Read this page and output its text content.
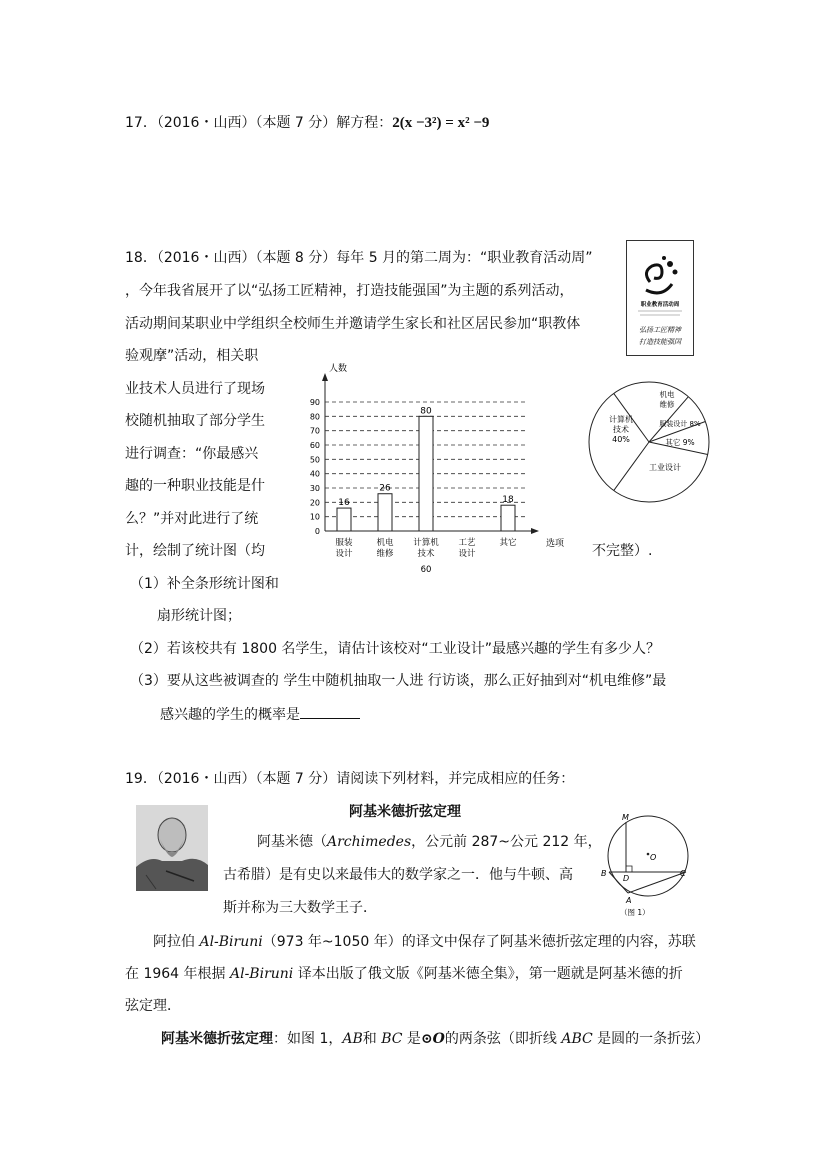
17．（2016・山西）（本题 7 分）解方程：2(x −3²) = x² −9
18．（2016・山西）（本题 8 分）每年 5 月的第二周为：“职业教育活动周”
，今年我省展开了以“弘扬工匠精神，打造技能强国”为主题的系列活动，
活动期间某职业中学组织全校师生并邀请学生家长和社区居民参加“职教体
验观摩”活动，相关职
业技术人员进行了现场
校随机抽取了部分学生
进行调查：“你最感兴
趣的一种职业技能是什
么？”并对此进行了统
计，绘制了统计图（均	不完整）.
职业教育活动周
弘扬工匠精神
打造技能强国
人数
选项
0
10
20
30
40
50
60
70
80
90
16
服装
设计
26
机电
维修
80
计算机
技术
工艺
设计
18
其它
60
计算机
技术
40%
机电
维修
服装设计 8%
其它 9%
工业设计
（1）补全条形统计图和
扇形统计图；
（2）若该校共有 1800 名学生，请估计该校对“工业设计”最感兴趣的学生有多少人？
（3）要从这些被调查的 学生中随机抽取一人进 行访谈，那么正好抽到对“机电维修”最
感兴趣的学生的概率是
19．（2016・山西）（本题 7 分）请阅读下列材料，并完成相应的任务：
阿基米德折弦定理
阿基米德（Archimedes，公元前 287~公元 212 年，
古希腊）是有史以来最伟大的数学家之一．他与牛顿、高
斯并称为三大数学王子．
阿拉伯 Al-Biruni（973 年~1050 年）的译文中保存了阿基米德折弦定理的内容，苏联
在 1964 年根据 Al-Biruni 译本出版了俄文版《阿基米德全集》，第一题就是阿基米德的折
弦定理．
阿基米德折弦定理：如图 1，AB和 BC 是⊙O的两条弦（即折线 ABC 是圆的一条折弦）
M
O
B
D
C
A
（图 1）
